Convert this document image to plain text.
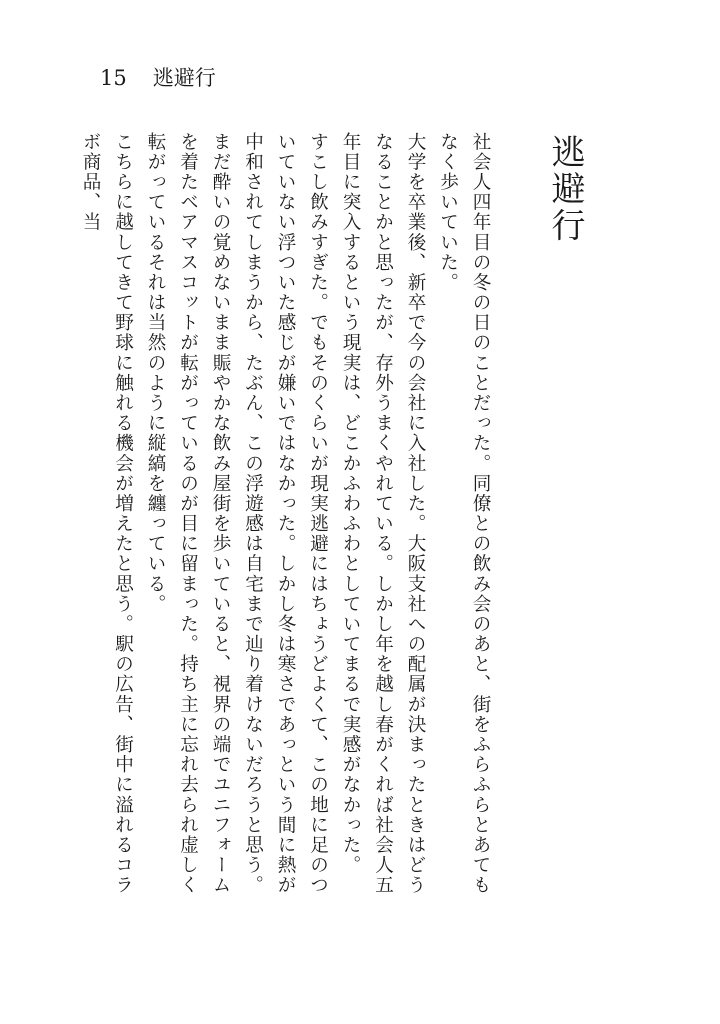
15 逃避行
逃避行

社会人四年目の冬の日のことだった。同僚との飲み会のあと、街をふらふらとあてもなく歩いていた。

大学を卒業後、新卒で今の会社に入社した。大阪支社への配属が決まったときはどうなることかと思ったが、存外うまくやれている。しかし年を越し春がくれば社会人五年目に突入するという現実は、どこかふわふわとしていてまるで実感がなかった。

すこし飲みすぎた。でもそのくらいが現実逃避にはちょうどよくて、この地に足のついていない浮ついた感じが嫌いではなかった。しかし冬は寒さであっという間に熱が中和されてしまうから、たぶん、この浮遊感は自宅まで辿り着けないだろうと思う。

まだ酔いの覚めないまま賑やかな飲み屋街を歩いていると、視界の端でユニフォームを着たベアマスコットが転がっているのが目に留まった。持ち主に忘れ去られ虚しく転がっているそれは当然のように縦縞を纏っている。

こちらに越してきて野球に触れる機会が増えたと思う。駅の広告、街中に溢れるコラボ商品、当
